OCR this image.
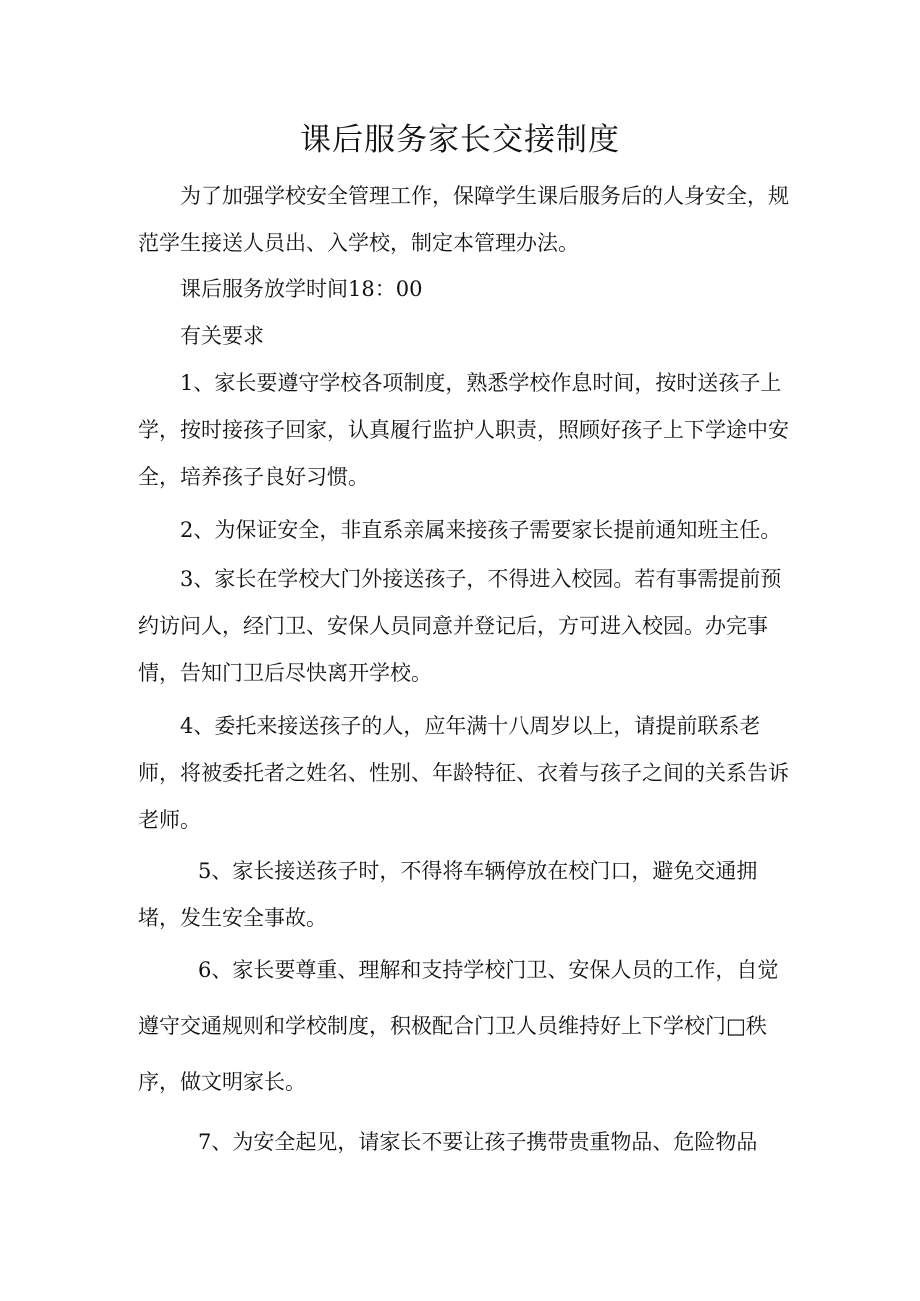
课后服务家长交接制度

为了加强学校安全管理工作，保障学生课后服务后的人身安全，规范学生接送人员出、入学校，制定本管理办法。

课后服务放学时间18：00

有关要求

1、家长要遵守学校各项制度，熟悉学校作息时间，按时送孩子上学，按时接孩子回家，认真履行监护人职责，照顾好孩子上下学途中安全，培养孩子良好习惯。

2、为保证安全，非直系亲属来接孩子需要家长提前通知班主任。

3、家长在学校大门外接送孩子，不得进入校园。若有事需提前预约访问人，经门卫、安保人员同意并登记后，方可进入校园。办完事情，告知门卫后尽快离开学校。

4、委托来接送孩子的人，应年满十八周岁以上，请提前联系老师，将被委托者之姓名、性别、年龄特征、衣着与孩子之间的关系告诉老师。

5、家长接送孩子时，不得将车辆停放在校门口，避免交通拥堵，发生安全事故。

6、家长要尊重、理解和支持学校门卫、安保人员的工作，自觉遵守交通规则和学校制度，积极配合门卫人员维持好上下学校门□秩序，做文明家长。

7、为安全起见，请家长不要让孩子携带贵重物品、危险物品
